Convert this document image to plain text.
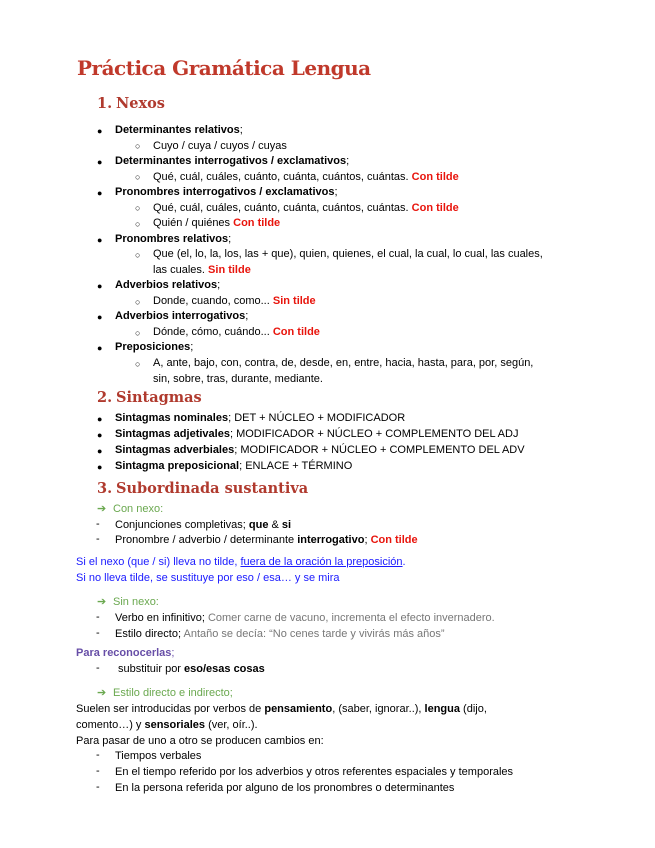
Práctica Gramática Lengua
1. Nexos
● Determinantes relativos;
○ Cuyo / cuya / cuyos / cuyas
● Determinantes interrogativos / exclamativos;
○ Qué, cuál, cuáles, cuánto, cuánta, cuántos, cuántas. Con tilde
● Pronombres interrogativos / exclamativos;
○ Qué, cuál, cuáles, cuánto, cuánta, cuántos, cuántas. Con tilde
○ Quién / quiénes Con tilde
● Pronombres relativos;
○ Que (el, lo, la, los, las + que), quien, quienes, el cual, la cual, lo cual, las cuales,
las cuales. Sin tilde
● Adverbios relativos;
○ Donde, cuando, como... Sin tilde
● Adverbios interrogativos;
○ Dónde, cómo, cuándo... Con tilde
● Preposiciones;
○ A, ante, bajo, con, contra, de, desde, en, entre, hacia, hasta, para, por, según,
sin, sobre, tras, durante, mediante.
2. Sintagmas
● Sintagmas nominales; DET + NÚCLEO + MODIFICADOR
● Sintagmas adjetivales; MODIFICADOR + NÚCLEO + COMPLEMENTO DEL ADJ
● Sintagmas adverbiales; MODIFICADOR + NÚCLEO + COMPLEMENTO DEL ADV
● Sintagma preposicional; ENLACE + TÉRMINO
3. Subordinada sustantiva
➔ Con nexo:
- Conjunciones completivas; que & si
- Pronombre / adverbio / determinante interrogativo; Con tilde
Si el nexo (que / si) lleva no tilde, fuera de la oración la preposición.
Si no lleva tilde, se sustituye por eso / esa… y se mira
➔ Sin nexo:
- Verbo en infinitivo; Comer carne de vacuno, incrementa el efecto invernadero.
- Estilo directo; Antaño se decía: “No cenes tarde y vivirás más años”
Para reconocerlas;
- substituir por eso/esas cosas
➔ Estilo directo e indirecto;
Suelen ser introducidas por verbos de pensamiento, (saber, ignorar..), lengua (dijo,
comento…) y sensoriales (ver, oír..).
Para pasar de uno a otro se producen cambios en:
- Tiempos verbales
- En el tiempo referido por los adverbios y otros referentes espaciales y temporales
- En la persona referida por alguno de los pronombres o determinantes
